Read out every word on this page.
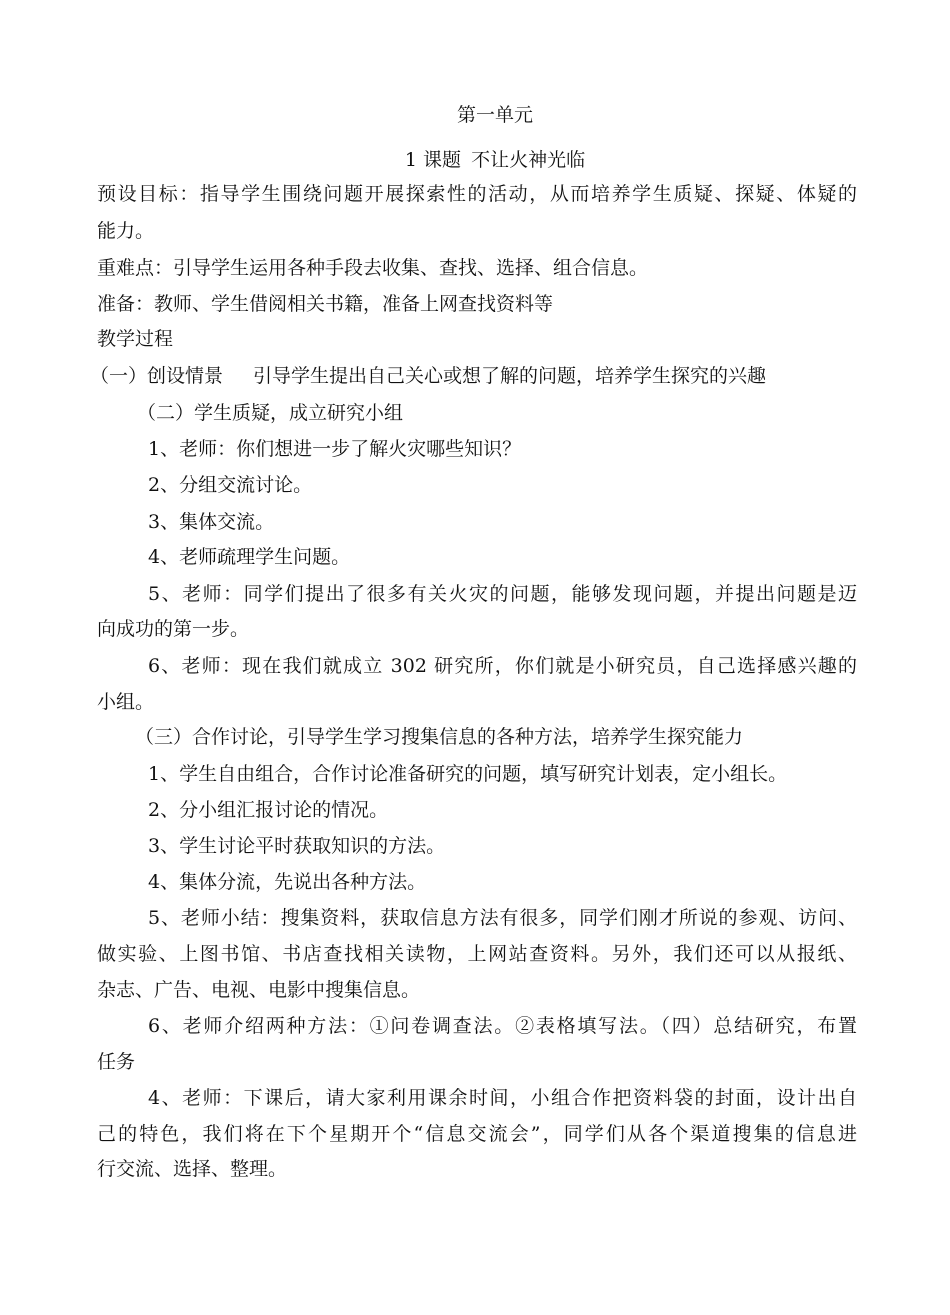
第一单元
1 课题 不让火神光临
预设目标：指导学生围绕问题开展探索性的活动，从而培养学生质疑、探疑、体疑的
能力。
重难点：引导学生运用各种手段去收集、查找、选择、组合信息。
准备：教师、学生借阅相关书籍，准备上网查找资料等
教学过程
（一）创设情景 引导学生提出自己关心或想了解的问题，培养学生探究的兴趣
（二）学生质疑，成立研究小组
1、老师：你们想进一步了解火灾哪些知识？
2、分组交流讨论。
3、集体交流。
4、老师疏理学生问题。
5、老师：同学们提出了很多有关火灾的问题，能够发现问题，并提出问题是迈
向成功的第一步。
6、老师：现在我们就成立 302 研究所，你们就是小研究员，自己选择感兴趣的
小组。
（三）合作讨论，引导学生学习搜集信息的各种方法，培养学生探究能力
1、学生自由组合，合作讨论准备研究的问题，填写研究计划表，定小组长。
2、分小组汇报讨论的情况。
3、学生讨论平时获取知识的方法。
4、集体分流，先说出各种方法。
5、老师小结：搜集资料，获取信息方法有很多，同学们刚才所说的参观、访问、
做实验、上图书馆、书店查找相关读物，上网站查资料。另外，我们还可以从报纸、
杂志、广告、电视、电影中搜集信息。
6、老师介绍两种方法：①问卷调查法。②表格填写法。（四）总结研究，布置
任务
4、老师：下课后，请大家利用课余时间，小组合作把资料袋的封面，设计出自
己的特色，我们将在下个星期开个“信息交流会”，同学们从各个渠道搜集的信息进
行交流、选择、整理。
